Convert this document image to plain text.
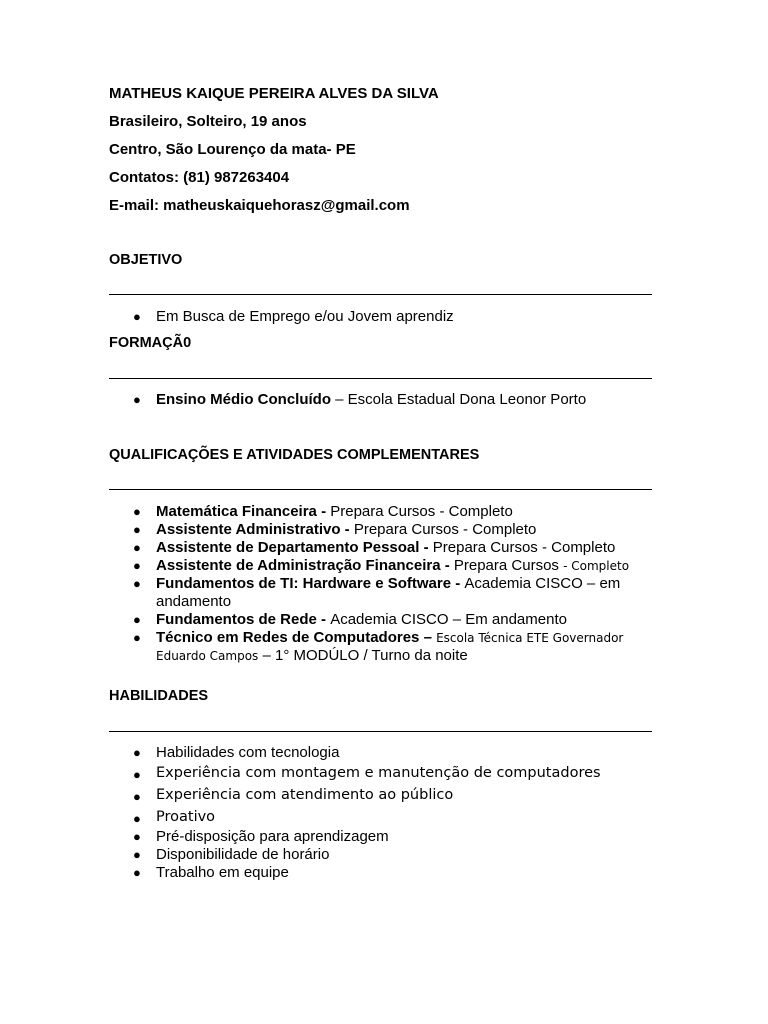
MATHEUS KAIQUE PEREIRA ALVES DA SILVA
Brasileiro, Solteiro, 19 anos
Centro, São Lourenço da mata- PE
Contatos: (81) 987263404
E-mail: matheuskaiquehorasz@gmail.com
OBJETIVO
● Em Busca de Emprego e/ou Jovem aprendiz
FORMAÇÃ0
● Ensino Médio Concluído – Escola Estadual Dona Leonor Porto
QUALIFICAÇÕES E ATIVIDADES COMPLEMENTARES
● Matemática Financeira - Prepara Cursos - Completo
● Assistente Administrativo - Prepara Cursos - Completo
● Assistente de Departamento Pessoal - Prepara Cursos - Completo
● Assistente de Administração Financeira - Prepara Cursos - Completo
● Fundamentos de TI: Hardware e Software - Academia CISCO – em andamento
● Fundamentos de Rede - Academia CISCO – Em andamento
● Técnico em Redes de Computadores – Escola Técnica ETE Governador Eduardo Campos – 1° MODÚLO / Turno da noite
HABILIDADES
● Habilidades com tecnologia
● Experiência com montagem e manutenção de computadores
● Experiência com atendimento ao público
● Proativo
● Pré-disposição para aprendizagem
● Disponibilidade de horário
● Trabalho em equipe
